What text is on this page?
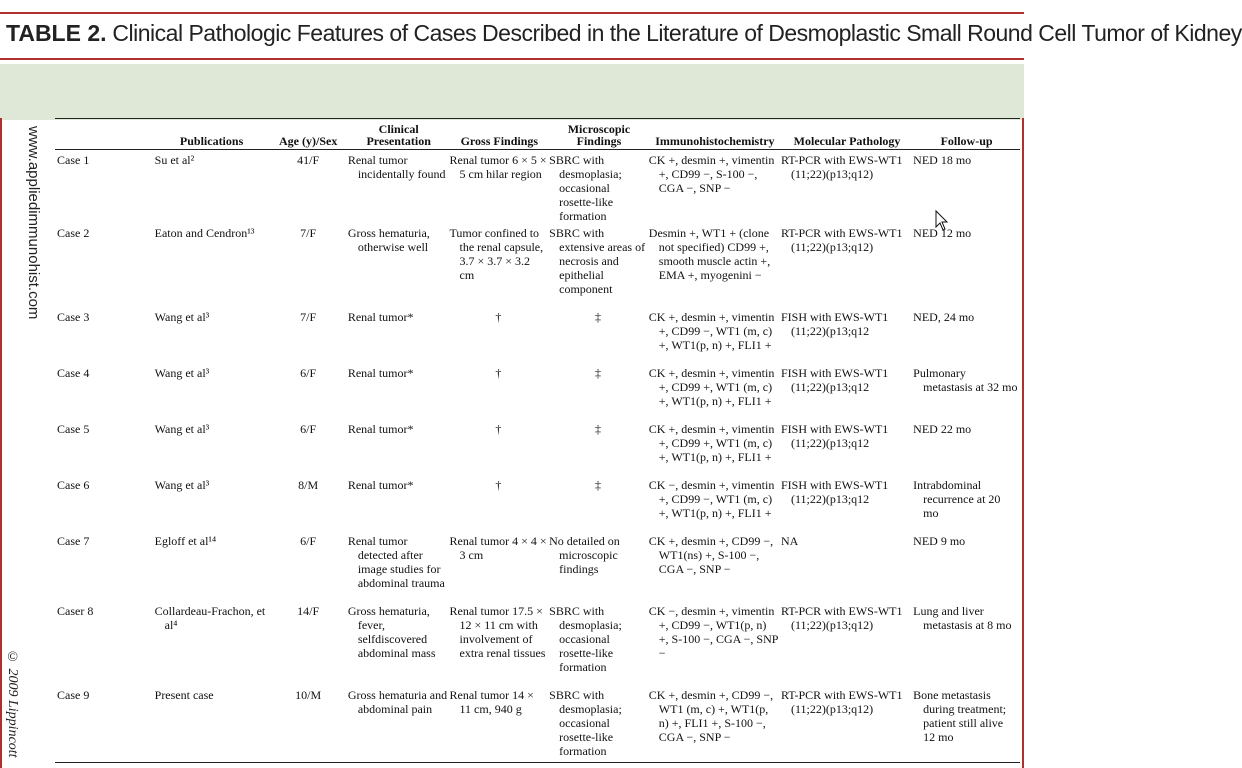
TABLE 2. Clinical Pathologic Features of Cases Described in the Literature of Desmoplastic Small Round Cell Tumor of Kidney
www.appliedimmunohist.com
© 2009 Lippincott
	Publications	Age (y)/Sex	Clinical Presentation	Gross Findings	Microscopic Findings	Immunohistochemistry	Molecular Pathology	Follow-up
Case 1	Su et al²	41/F	Renal tumor incidentally found	Renal tumor 6 × 5 × 5 cm hilar region	SBRC with desmoplasia; occasional rosette-like formation	CK +, desmin +, vimentin +, CD99 −, S-100 −, CGA −, SNP −	RT-PCR with EWS-WT1 (11;22)(p13;q12)	NED 18 mo
Case 2	Eaton and Cendron¹³	7/F	Gross hematuria, otherwise well	Tumor confined to the renal capsule, 3.7 × 3.7 × 3.2 cm	SBRC with extensive areas of necrosis and epithelial component	Desmin +, WT1 + (clone not specified) CD99 +, smooth muscle actin +, EMA +, myogenini −	RT-PCR with EWS-WT1 (11;22)(p13;q12)	NED 12 mo
Case 3	Wang et al³	7/F	Renal tumor*	†	‡	CK +, desmin +, vimentin +, CD99 −, WT1 (m, c) +, WT1(p, n) +, FLI1 +	FISH with EWS-WT1 (11;22)(p13;q12	NED, 24 mo
Case 4	Wang et al³	6/F	Renal tumor*	†	‡	CK +, desmin +, vimentin +, CD99 +, WT1 (m, c) +, WT1(p, n) +, FLI1 +	FISH with EWS-WT1 (11;22)(p13;q12	Pulmonary metastasis at 32 mo
Case 5	Wang et al³	6/F	Renal tumor*	†	‡	CK +, desmin +, vimentin +, CD99 +, WT1 (m, c) +, WT1(p, n) +, FLI1 +	FISH with EWS-WT1 (11;22)(p13;q12	NED 22 mo
Case 6	Wang et al³	8/M	Renal tumor*	†	‡	CK −, desmin +, vimentin +, CD99 −, WT1 (m, c) +, WT1(p, n) +, FLI1 +	FISH with EWS-WT1 (11;22)(p13;q12	Intrabdominal recurrence at 20 mo
Case 7	Egloff et al¹⁴	6/F	Renal tumor detected after image studies for abdominal trauma	Renal tumor 4 × 4 × 3 cm	No detailed on microscopic findings	CK +, desmin +, CD99 −, WT1(ns) +, S-100 −, CGA −, SNP −	NA	NED 9 mo
Caser 8	Collardeau-Frachon, et al⁴	14/F	Gross hematuria, fever, selfdiscovered abdominal mass	Renal tumor 17.5 × 12 × 11 cm with involvement of extra renal tissues	SBRC with desmoplasia; occasional rosette-like formation	CK −, desmin +, vimentin +, CD99 −, WT1(p, n) +, S-100 −, CGA −, SNP −	RT-PCR with EWS-WT1 (11;22)(p13;q12)	Lung and liver metastasis at 8 mo
Case 9	Present case	10/M	Gross hematuria and abdominal pain	Renal tumor 14 × 11 cm, 940 g	SBRC with desmoplasia; occasional rosette-like formation	CK +, desmin +, CD99 −, WT1 (m, c) +, WT1(p, n) +, FLI1 +, S-100 −, CGA −, SNP −	RT-PCR with EWS-WT1 (11;22)(p13;q12)	Bone metastasis during treatment; patient still alive 12 mo
